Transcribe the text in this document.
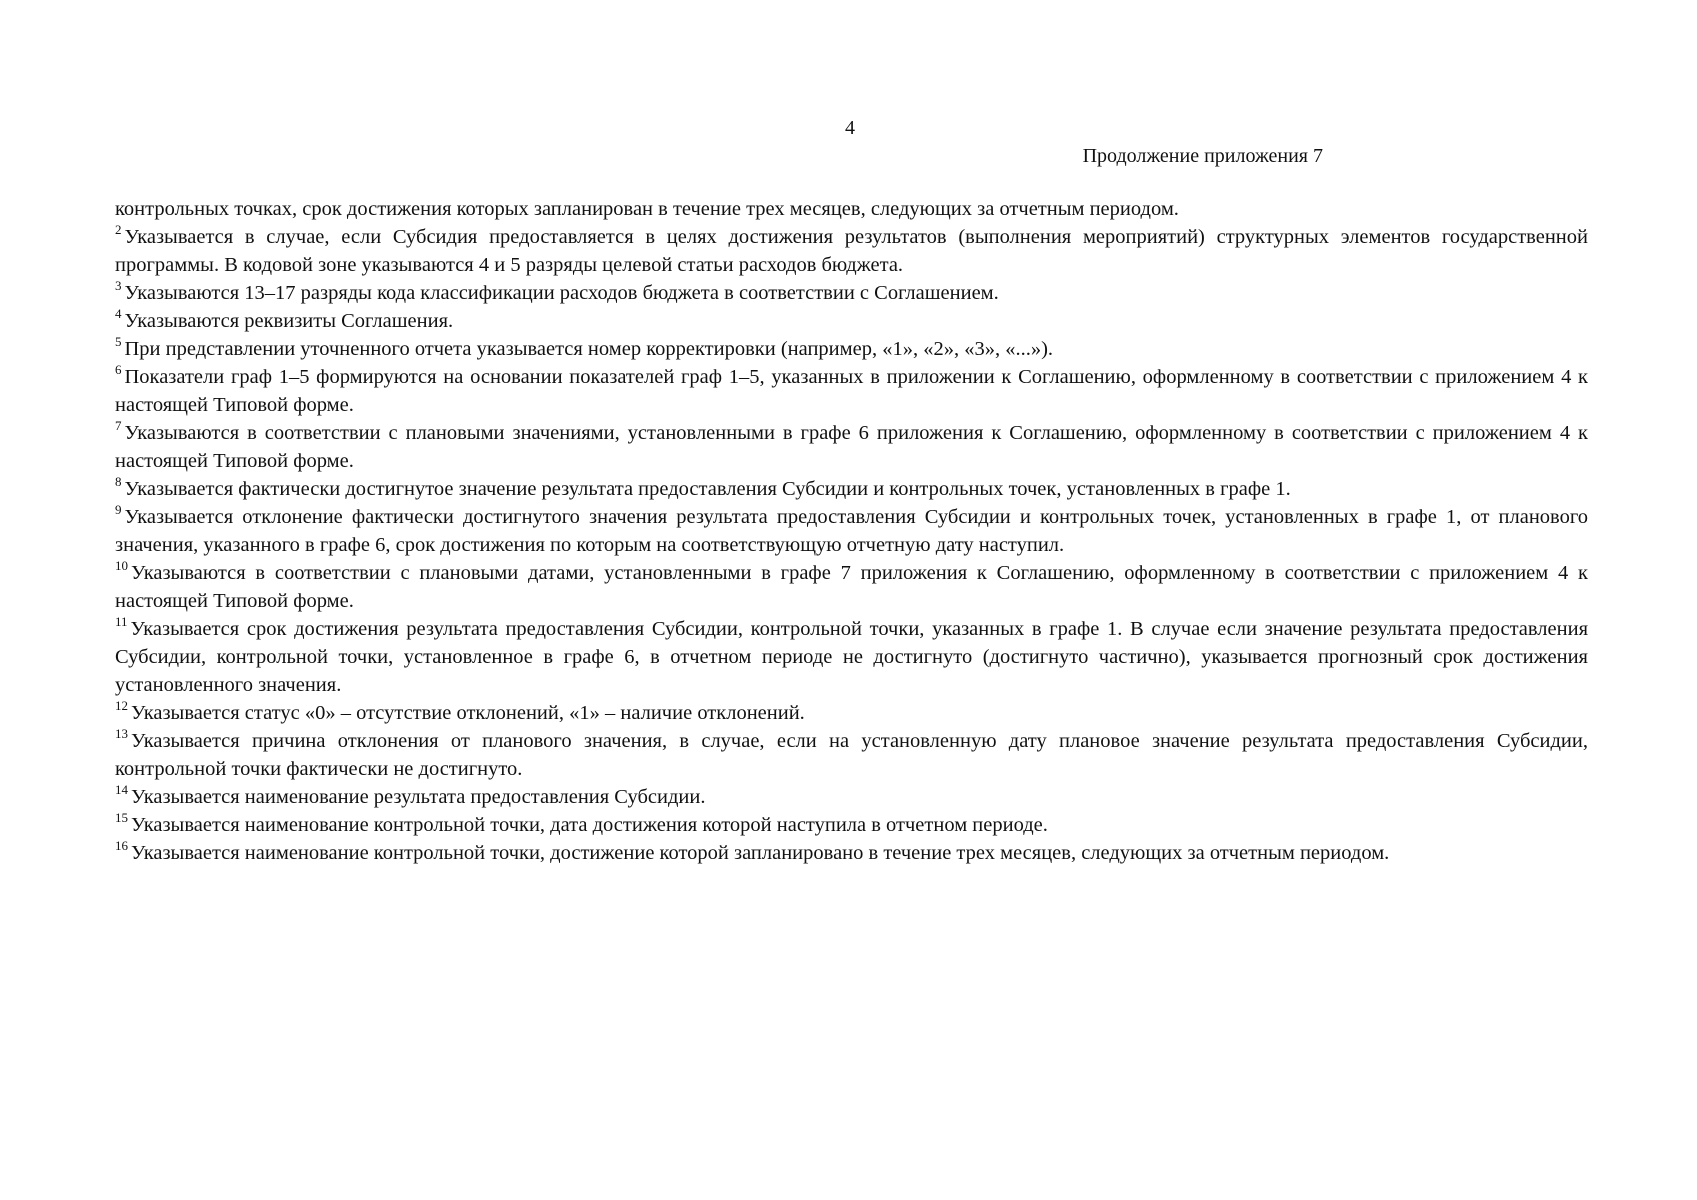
4
Продолжение приложения 7

контрольных точках, срок достижения которых запланирован в течение трех месяцев, следующих за отчетным периодом.

$^2$ Указывается в случае, если Субсидия предоставляется в целях достижения результатов (выполнения мероприятий) структурных элементов государственной программы. В кодовой зоне указываются 4 и 5 разряды целевой статьи расходов бюджета.

$^3$ Указываются 13–17 разряды кода классификации расходов бюджета в соответствии с Соглашением.

$^4$ Указываются реквизиты Соглашения.

$^5$ При представлении уточненного отчета указывается номер корректировки (например, «1», «2», «3», «...»).

$^6$ Показатели граф 1–5 формируются на основании показателей граф 1–5, указанных в приложении к Соглашению, оформленному в соответствии с приложением 4 к настоящей Типовой форме.

$^7$ Указываются в соответствии с плановыми значениями, установленными в графе 6 приложения к Соглашению, оформленному в соответствии с приложением 4 к настоящей Типовой форме.

$^8$ Указывается фактически достигнутое значение результата предоставления Субсидии и контрольных точек, установленных в графе 1.

$^9$ Указывается отклонение фактически достигнутого значения результата предоставления Субсидии и контрольных точек, установленных в графе 1, от планового значения, указанного в графе 6, срок достижения по которым на соответствующую отчетную дату наступил.

$^{10}$ Указываются в соответствии с плановыми датами, установленными в графе 7 приложения к Соглашению, оформленному в соответствии с приложением 4 к настоящей Типовой форме.

$^{11}$ Указывается срок достижения результата предоставления Субсидии, контрольной точки, указанных в графе 1. В случае если значение результата предоставления Субсидии, контрольной точки, установленное в графе 6, в отчетном периоде не достигнуто (достигнуто частично), указывается прогнозный срок достижения установленного значения.

$^{12}$ Указывается статус «0» – отсутствие отклонений, «1» – наличие отклонений.

$^{13}$ Указывается причина отклонения от планового значения, в случае, если на установленную дату плановое значение результата предоставления Субсидии, контрольной точки фактически не достигнуто.

$^{14}$ Указывается наименование результата предоставления Субсидии.

$^{15}$ Указывается наименование контрольной точки, дата достижения которой наступила в отчетном периоде.

$^{16}$ Указывается наименование контрольной точки, достижение которой запланировано в течение трех месяцев, следующих за отчетным периодом.
